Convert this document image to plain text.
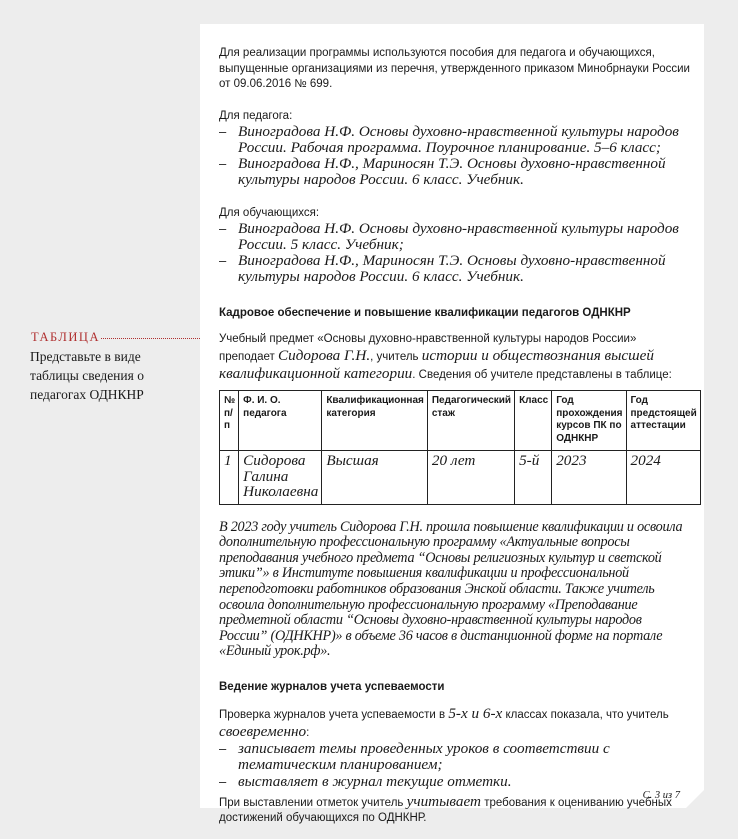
ТАБЛИЦА
Представьте в виде таблицы сведения о педагогах ОДНКНР

Для реализации программы используются пособия для педагога и обучающихся, выпущенные организациями из перечня, утвержденного приказом Минобрнауки России от 09.06.2016 № 699.

Для педагога:

– Виноградова Н.Ф. Основы духовно-нравственной культуры народов России. Рабочая программа. Поурочное планирование. 5–6 класс;
– Виноградова Н.Ф., Мариносян Т.Э. Основы духовно-нравственной культуры народов России. 6 класс. Учебник.

Для обучающихся:

– Виноградова Н.Ф. Основы духовно-нравственной культуры народов России. 5 класс. Учебник;
– Виноградова Н.Ф., Мариносян Т.Э. Основы духовно-нравственной культуры народов России. 6 класс. Учебник.

Кадровое обеспечение и повышение квалификации педагогов ОДНКНР

Учебный предмет «Основы духовно-нравственной культуры народов России» преподает Сидорова Г.Н., учитель истории и обществознания высшей квалификационной категории. Сведения об учителе представлены в таблице:

№ п/п	Ф. И. О. педагога	Квалификационная категория	Педагогический стаж	Класс	Год прохождения курсов ПК по ОДНКНР	Год предстоящей аттестации
1	Сидорова Галина Николаевна	Высшая	20 лет	5-й	2023	2024

В 2023 году учитель Сидорова Г.Н. прошла повышение квалификации и освоила дополнительную профессиональную программу «Актуальные вопросы преподавания учебного предмета “Основы религиозных культур и светской этики”» в Институте повышения квалификации и профессиональной переподготовки работников образования Энской области. Также учитель освоила дополнительную профессиональную программу «Преподавание предметной области “Основы духовно-нравственной культуры народов России” (ОДНКНР)» в объеме 36 часов в дистанционной форме на портале «Единый урок.рф».

Ведение журналов учета успеваемости

Проверка журналов учета успеваемости в 5-х и 6-х классах показала, что учитель своевременно:

– записывает темы проведенных уроков в соответствии с тематическим планированием;
– выставляет в журнал текущие отметки.

При выставлении отметок учитель учитывает требования к оцениванию учебных достижений обучающихся по ОДНКНР.

С. 3 из 7
